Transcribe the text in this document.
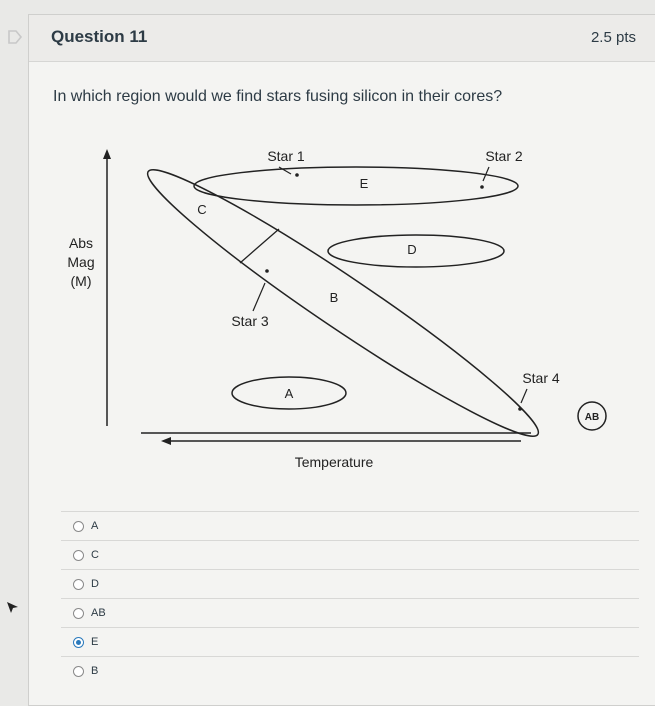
Question 11	2.5 pts
In which region would we find stars fusing silicon in their cores?
Abs
Mag
(M)
Temperature
E
C
D
B
A
Star 1	Star 2
Star 3
Star 4
AB
A
C
D
AB
E
B
